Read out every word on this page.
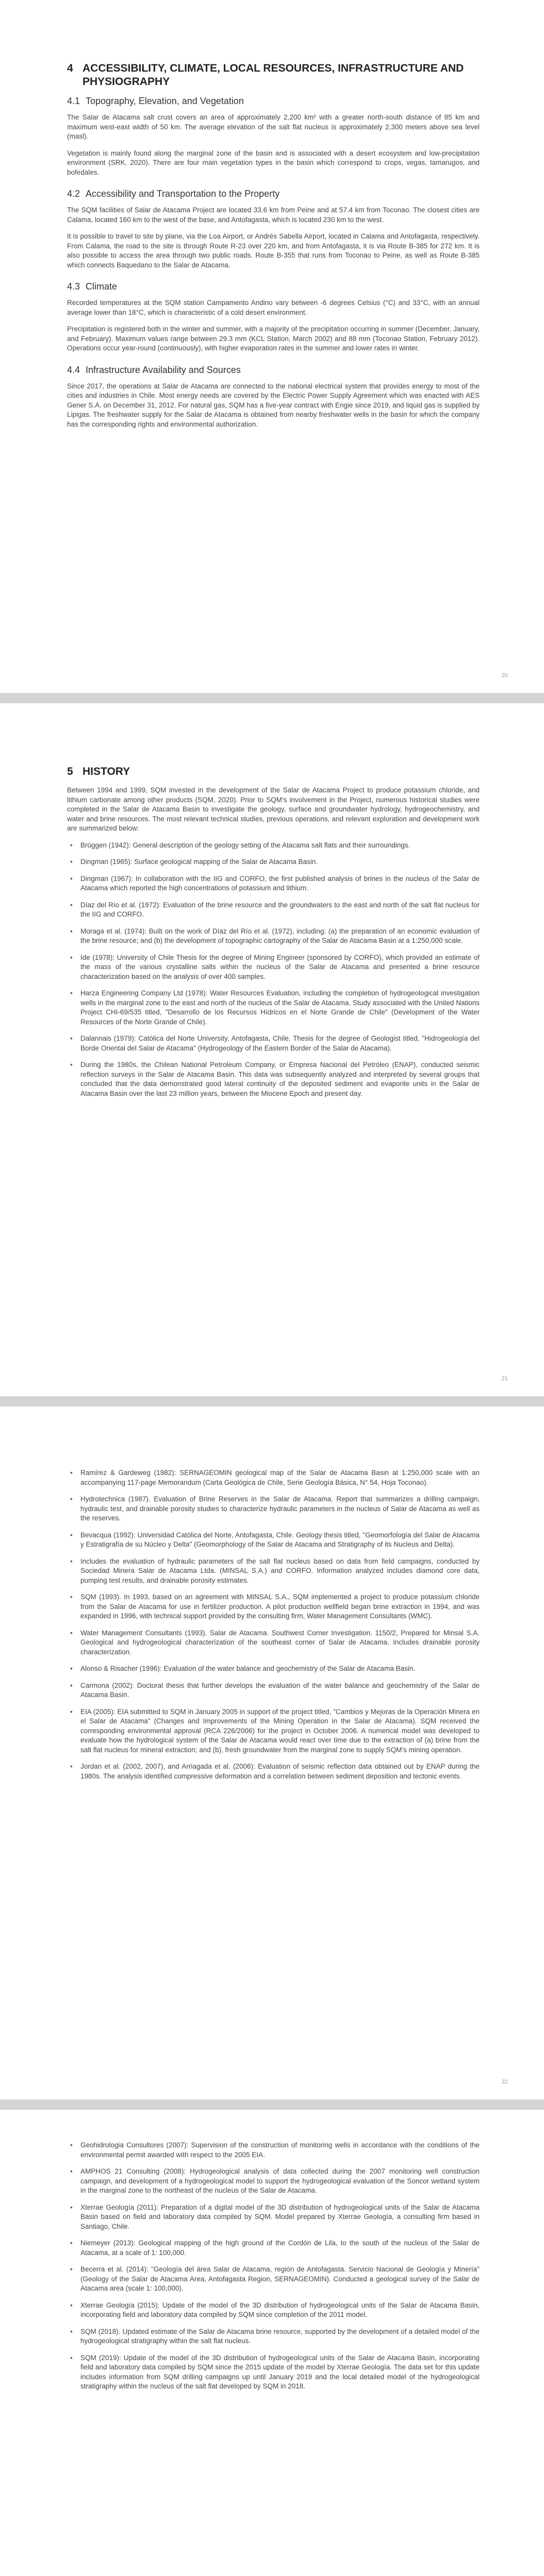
4 ACCESSIBILITY, CLIMATE, LOCAL RESOURCES, INFRASTRUCTURE AND PHYSIOGRAPHY
4.1 Topography, Elevation, and Vegetation

The Salar de Atacama salt crust covers an area of approximately 2,200 km² with a greater north-south distance of 85 km and maximum west-east width of 50 km. The average elevation of the salt flat nucleus is approximately 2,300 meters above sea level (masl).

Vegetation is mainly found along the marginal zone of the basin and is associated with a desert ecosystem and low-precipitation environment (SRK, 2020). There are four main vegetation types in the basin which correspond to crops, vegas, tamarugos, and bofedales.

4.2 Accessibility and Transportation to the Property

The SQM facilities of Salar de Atacama Project are located 33.6 km from Peine and at 57.4 km from Toconao. The closest cities are Calama, located 160 km to the west of the base, and Antofagasta, which is located 230 km to the west.

It is possible to travel to site by plane, via the Loa Airport, or Andrés Sabella Airport, located in Calama and Antofagasta, respectively. From Calama, the road to the site is through Route R-23 over 220 km, and from Antofagasta, it is via Route B-385 for 272 km. It is also possible to access the area through two public roads. Route B-355 that runs from Toconao to Peine, as well as Route B-385 which connects Baquedano to the Salar de Atacama.

4.3 Climate

Recorded temperatures at the SQM station Campamento Andino vary between -6 degrees Celsius (°C) and 33°C, with an annual average lower than 18°C, which is characteristic of a cold desert environment.

Precipitation is registered both in the winter and summer, with a majority of the precipitation occurring in summer (December, January, and February). Maximum values range between 29.3 mm (KCL Station, March 2002) and 88 mm (Toconao Station, February 2012). Operations occur year-round (continuously), with higher evaporation rates in the summer and lower rates in winter.

4.4 Infrastructure Availability and Sources

Since 2017, the operations at Salar de Atacama are connected to the national electrical system that provides energy to most of the cities and industries in Chile. Most energy needs are covered by the Electric Power Supply Agreement which was enacted with AES Gener S.A. on December 31, 2012. For natural gas, SQM has a five-year contract with Engie since 2019, and liquid gas is supplied by Lipigas. The freshwater supply for the Salar de Atacama is obtained from nearby freshwater wells in the basin for which the company has the corresponding rights and environmental authorization.

20
5 HISTORY

Between 1994 and 1999, SQM invested in the development of the Salar de Atacama Project to produce potassium chloride, and lithium carbonate among other products (SQM, 2020). Prior to SQM's involvement in the Project, numerous historical studies were completed in the Salar de Atacama Basin to investigate the geology, surface and groundwater hydrology, hydrogeochemistry, and water and brine resources. The most relevant technical studies, previous operations, and relevant exploration and development work are summarized below:

• Brüggen (1942): General description of the geology setting of the Atacama salt flats and their surroundings.
• Dingman (1965): Surface geological mapping of the Salar de Atacama Basin.
• Dingman (1967): In collaboration with the IIG and CORFO, the first published analysis of brines in the nucleus of the Salar de Atacama which reported the high concentrations of potassium and lithium.
• Díaz del Río et al. (1972): Evaluation of the brine resource and the groundwaters to the east and north of the salt flat nucleus for the IIG and CORFO.
• Moraga et al. (1974): Built on the work of Díaz del Río et al. (1972), including: (a) the preparation of an economic evaluation of the brine resource; and (b) the development of topographic cartography of the Salar de Atacama Basin at a 1:250,000 scale.
• Ide (1978): University of Chile Thesis for the degree of Mining Engineer (sponsored by CORFO), which provided an estimate of the mass of the various crystalline salts within the nucleus of the Salar de Atacama and presented a brine resource characterization based on the analysis of over 400 samples.
• Harza Engineering Company Ltd (1978): Water Resources Evaluation, including the completion of hydrogeological investigation wells in the marginal zone to the east and north of the nucleus of the Salar de Atacama. Study associated with the United Nations Project CHI-69/535 titled, "Desarrollo de los Recursos Hídricos en el Norte Grande de Chile" (Development of the Water Resources of the Norte Grande of Chile).
• Dalannais (1979): Católica del Norte University, Antofagasta, Chile. Thesis for the degree of Geologist titled, "Hidrogeología del Borde Oriental del Salar de Atacama" (Hydrogeology of the Eastern Border of the Salar de Atacama).
• During the 1980s, the Chilean National Petroleum Company, or Empresa Nacional del Petróleo (ENAP), conducted seismic reflection surveys in the Salar de Atacama Basin. This data was subsequently analyzed and interpreted by several groups that concluded that the data demonstrated good lateral continuity of the deposited sediment and evaporite units in the Salar de Atacama Basin over the last 23 million years, between the Miocene Epoch and present day.
21
• Ramírez & Gardeweg (1982): SERNAGEOMIN geological map of the Salar de Atacama Basin at 1:250,000 scale with an accompanying 117-page Memorandum (Carta Geológica de Chile, Serie Geología Básica, N° 54, Hoja Toconao).
• Hydrotechnica (1987). Evaluation of Brine Reserves in the Salar de Atacama. Report that summarizes a drilling campaign, hydraulic test, and drainable porosity studies to characterize hydraulic parameters in the nucleus of Salar de Atacama as well as the reserves.
• Bevacqua (1992): Universidad Católica del Norte, Antofagasta, Chile. Geology thesis titled, "Geomorfología del Salar de Atacama y Estratigrafía de su Núcleo y Delta" (Geomorphology of the Salar de Atacama and Stratigraphy of its Nucleus and Delta).
• Includes the evaluation of hydraulic parameters of the salt flat nucleus based on data from field campaigns, conducted by Sociedad Minera Salar de Atacama Ltda. (MINSAL S.A.) and CORFO. Information analyzed includes diamond core data, pumping test results, and drainable porosity estimates.
• SQM (1993). In 1993, based on an agreement with MINSAL S.A., SQM implemented a project to produce potassium chloride from the Salar de Atacama for use in fertilizer production. A pilot production wellfield began brine extraction in 1994, and was expanded in 1996, with technical support provided by the consulting firm, Water Management Consultants (WMC).
• Water Management Consultants (1993). Salar de Atacama. Southwest Corner Investigation. 1150/2, Prepared for Minsal S.A. Geological and hydrogeological characterization of the southeast corner of Salar de Atacama. Includes drainable porosity characterization.
• Alonso & Risacher (1996): Evaluation of the water balance and geochemistry of the Salar de Atacama Basin.
• Carmona (2002): Doctoral thesis that further develops the evaluation of the water balance and geochemistry of the Salar de Atacama Basin.
• EIA (2005): EIA submitted to SQM in January 2005 in support of the project titled, "Cambios y Mejoras de la Operación Minera en el Salar de Atacama" (Changes and Improvements of the Mining Operation in the Salar de Atacama). SQM received the corresponding environmental approval (RCA 226/2006) for the project in October 2006. A numerical model was developed to evaluate how the hydrological system of the Salar de Atacama would react over time due to the extraction of (a) brine from the salt flat nucleus for mineral extraction; and (b), fresh groundwater from the marginal zone to supply SQM's mining operation.
• Jordan et al. (2002, 2007), and Arriagada et al. (2006): Evaluation of seismic reflection data obtained out by ENAP during the 1980s. The analysis identified compressive deformation and a correlation between sediment deposition and tectonic events.
22
• Geohidrologia Consultores (2007): Supervision of the construction of monitoring wells in accordance with the conditions of the environmental permit awarded with respect to the 2005 EIA.
• AMPHOS 21 Consulting (2008): Hydrogeological analysis of data collected during the 2007 monitoring well construction campaign, and development of a hydrogeological model to support the hydrogeological evaluation of the Soncor wetland system in the marginal zone to the northeast of the nucleus of the Salar de Atacama.
• Xterrae Geología (2011): Preparation of a digital model of the 3D distribution of hydrogeological units of the Salar de Atacama Basin based on field and laboratory data compiled by SQM. Model prepared by Xterrae Geología, a consulting firm based in Santiago, Chile.
• Niemeyer (2013): Geological mapping of the high ground of the Cordón de Lila, to the south of the nucleus of the Salar de Atacama, at a scale of 1: 100,000.
• Becerra et al. (2014): "Geología del área Salar de Atacama, región de Antofagasta. Servicio Nacional de Geología y Minería" (Geology of the Salar de Atacama Area, Antofagasta Region, SERNAGEOMIN). Conducted a geological survey of the Salar de Atacama area (scale 1: 100,000).
• Xterrae Geología (2015): Update of the model of the 3D distribution of hydrogeological units of the Salar de Atacama Basin, incorporating field and laboratory data compiled by SQM since completion of the 2011 model.
• SQM (2018). Updated estimate of the Salar de Atacama brine resource, supported by the development of a detailed model of the hydrogeological stratigraphy within the salt flat nucleus.
• SQM (2019): Update of the model of the 3D distribution of hydrogeological units of the Salar de Atacama Basin, incorporating field and laboratory data compiled by SQM since the 2015 update of the model by Xterrae Geología. The data set for this update includes information from SQM drilling campaigns up until January 2019 and the local detailed model of the hydrogeological stratigraphy within the nucleus of the salt flat developed by SQM in 2018.
